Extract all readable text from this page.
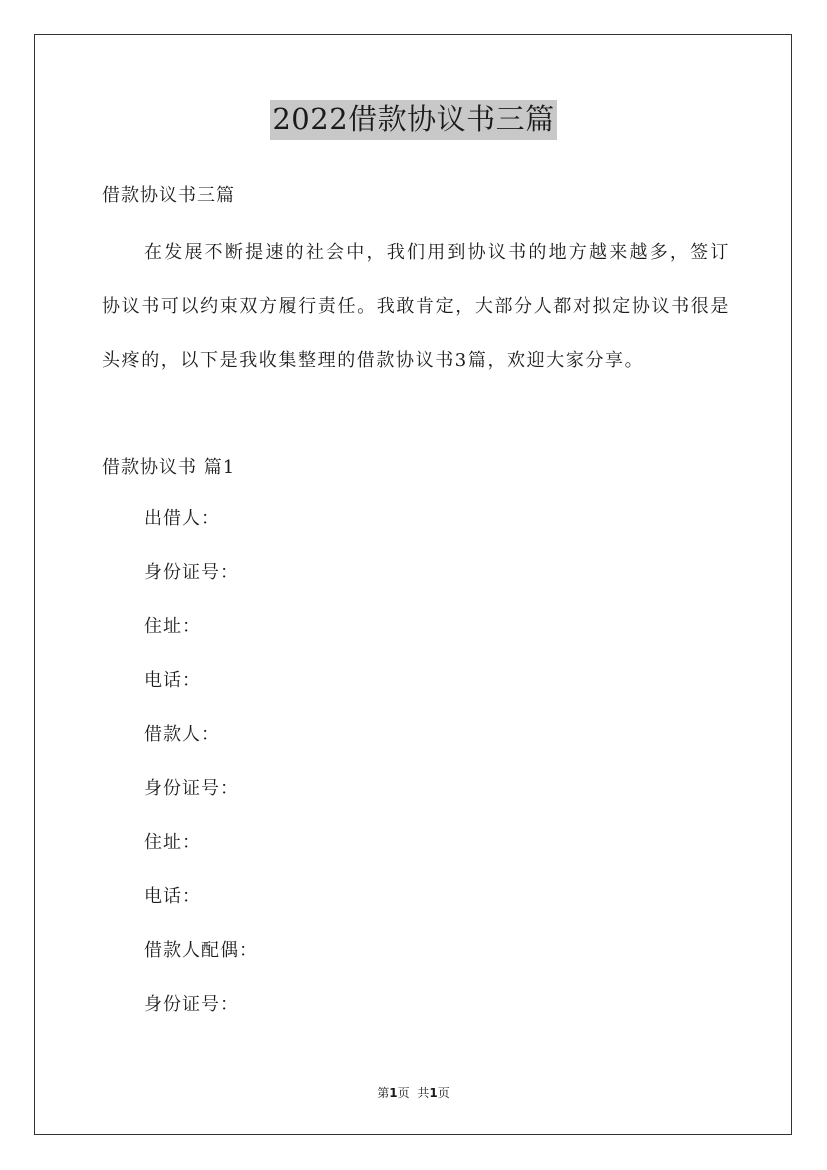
2022借款协议书三篇

借款协议书三篇

在发展不断提速的社会中，我们用到协议书的地方越来越多，签订协议书可以约束双方履行责任。我敢肯定，大部分人都对拟定协议书很是头疼的，以下是我收集整理的借款协议书3篇，欢迎大家分享。

借款协议书 篇1

出借人：
身份证号：
住址：
电话：
借款人：
身份证号：
住址：
电话：
借款人配偶：
身份证号：
第1页 共1页
